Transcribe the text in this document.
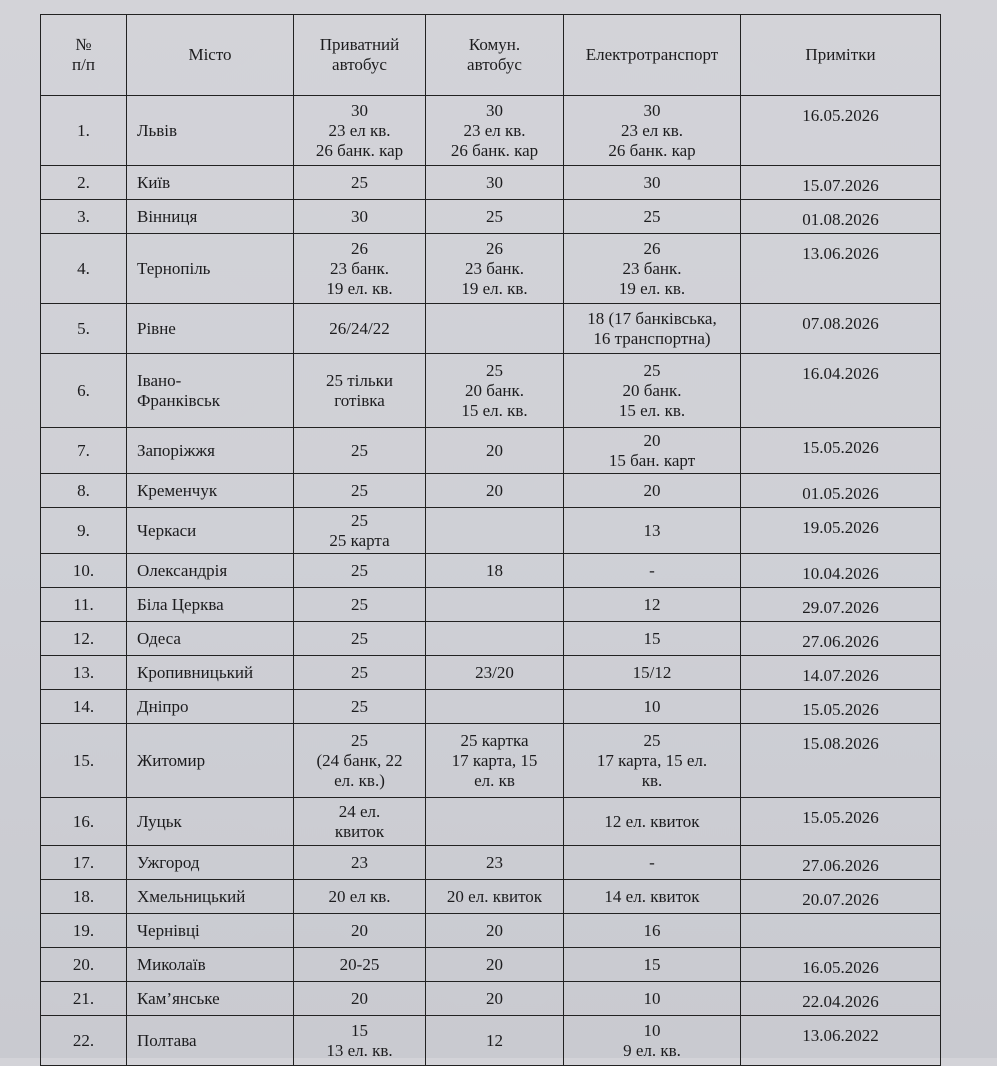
№
п/п	Місто	Приватний
автобус	Комун.
автобус	Електротранспорт	Примітки
1.	Львів	30
23 ел кв.
26 банк. кар	30
23 ел кв.
26 банк. кар	30
23 ел кв.
26 банк. кар	16.05.2026
2.	Київ	25	30	30	15.07.2026
3.	Вінниця	30	25	25	01.08.2026
4.	Тернопіль	26
23 банк.
19 ел. кв.	26
23 банк.
19 ел. кв.	26
23 банк.
19 ел. кв.	13.06.2026
5.	Рівне	26/24/22		18 (17 банківська,
16 транспортна)	07.08.2026
6.	Івано-
Франківськ	25 тільки
готівка	25
20 банк.
15 ел. кв.	25
20 банк.
15 ел. кв.	16.04.2026
7.	Запоріжжя	25	20	20
15 бан. карт	15.05.2026
8.	Кременчук	25	20	20	01.05.2026
9.	Черкаси	25
25 карта		13	19.05.2026
10.	Олександрія	25	18	-	10.04.2026
11.	Біла Церква	25		12	29.07.2026
12.	Одеса	25		15	27.06.2026
13.	Кропивницький	25	23/20	15/12	14.07.2026
14.	Дніпро	25		10	15.05.2026
15.	Житомир	25
(24 банк, 22
ел. кв.)	25 картка
17 карта, 15
ел. кв	25
17 карта, 15 ел.
кв.	15.08.2026
16.	Луцьк	24 ел.
квиток		12 ел. квиток	15.05.2026
17.	Ужгород	23	23	-	27.06.2026
18.	Хмельницький	20 ел кв.	20 ел. квиток	14 ел. квиток	20.07.2026
19.	Чернівці	20	20	16	
20.	Миколаїв	20-25	20	15	16.05.2026
21.	Кам’янське	20	20	10	22.04.2026
22.	Полтава	15
13 ел. кв.	12	10
9 ел. кв.	13.06.2022
